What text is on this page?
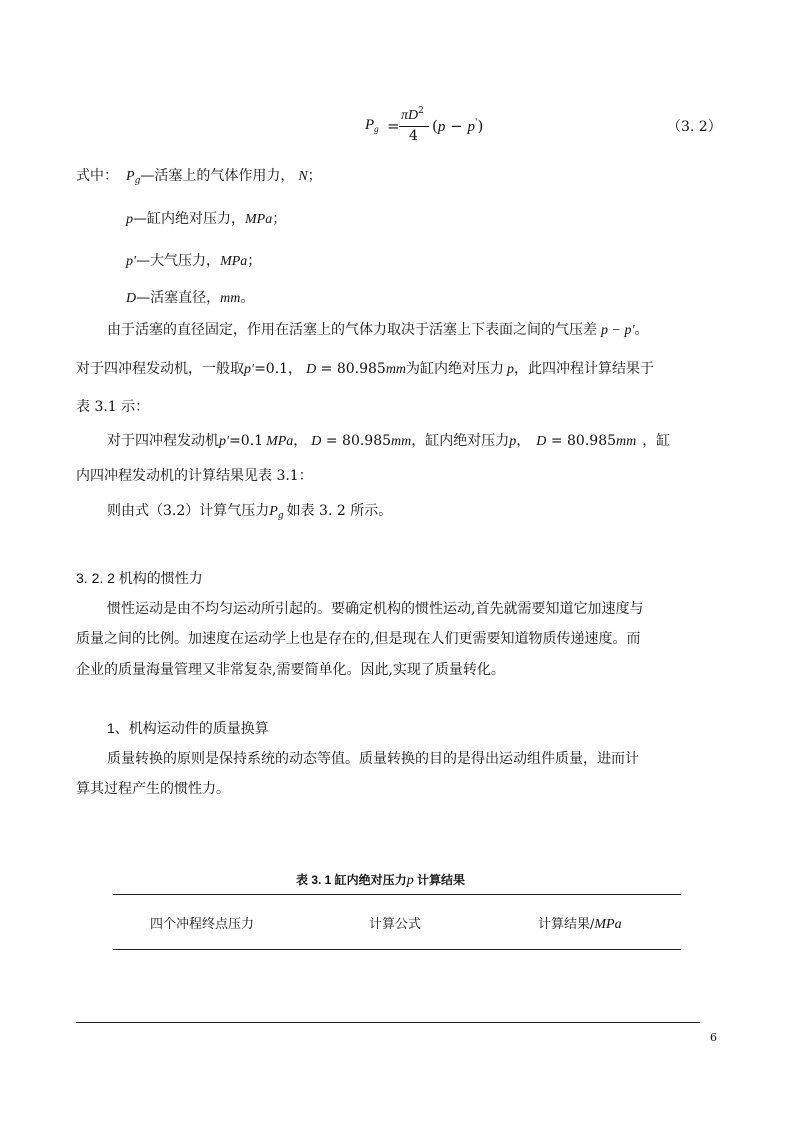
$P_g$ =
$\pi D^2$
4
(p − p')	（3. 2）
式中： $P_g—$活塞上的气体作用力， N；
p—缸内绝对压力，MPa；
p′—大气压力，MPa；
D—活塞直径，mm。
由于活塞的直径固定，作用在活塞上的气体力取决于活塞上下表面之间的气压差 p − p′。
对于四冲程发动机，一般取p′=0.1， D = 80.985mm为缸内绝对压力 p，此四冲程计算结果于
表 3.1 示：
对于四冲程发动机p′=0.1 MPa， D = 80.985mm，缸内绝对压力p， D = 80.985mm ，缸
内四冲程发动机的计算结果见表 3.1：
则由式（3.2）计算气压力$P_g$ 如表 3. 2 所示。
3. 2. 2 机构的惯性力
惯性运动是由不均匀运动所引起的。要确定机构的惯性运动,首先就需要知道它加速度与
质量之间的比例。加速度在运动学上也是存在的,但是现在人们更需要知道物质传递速度。而
企业的质量海量管理又非常复杂,需要简单化。因此,实现了质量转化。
1、机构运动件的质量换算
质量转换的原则是保持系统的动态等值。质量转换的目的是得出运动组件质量，进而计
算其过程产生的惯性力。
表 3. 1 缸内绝对压力p 计算结果
四个冲程终点压力	计算公式	计算结果/MPa
6
